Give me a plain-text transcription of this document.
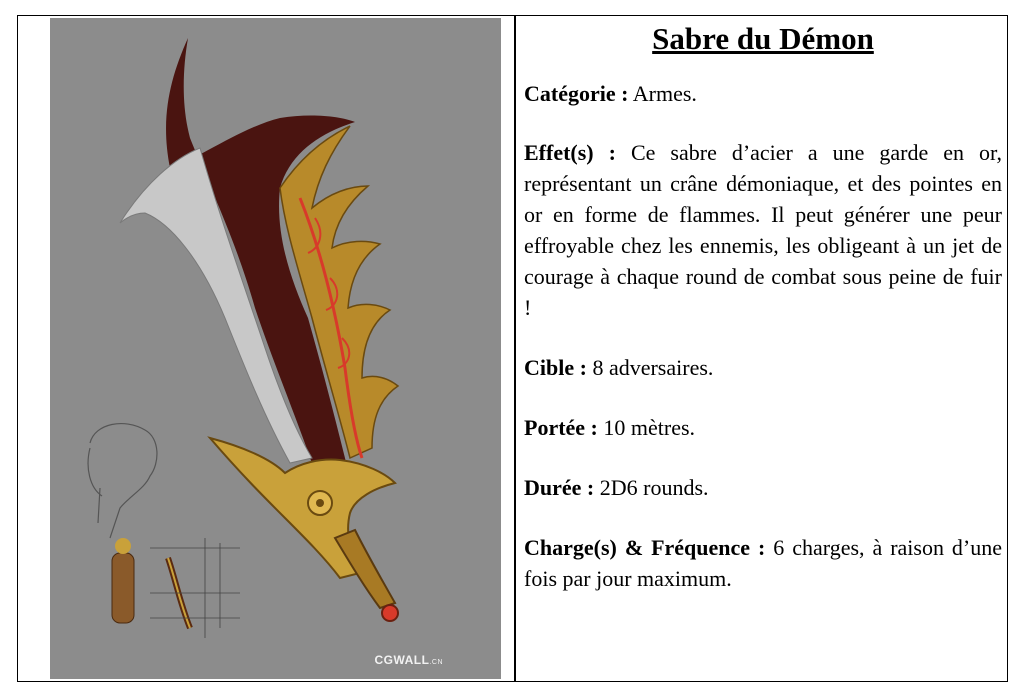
CGWALL.CN
Sabre du Démon

Catégorie : Armes.

Effet(s) : Ce sabre d’acier a une garde en or, représentant un crâne démoniaque, et des pointes en or en forme de flammes. Il peut générer une peur effroyable chez les ennemis, les obligeant à un jet de courage à chaque round de combat sous peine de fuir !

Cible : 8 adversaires.

Portée : 10 mètres.

Durée : 2D6 rounds.

Charge(s) & Fréquence : 6 charges, à raison d’une fois par jour maximum.
